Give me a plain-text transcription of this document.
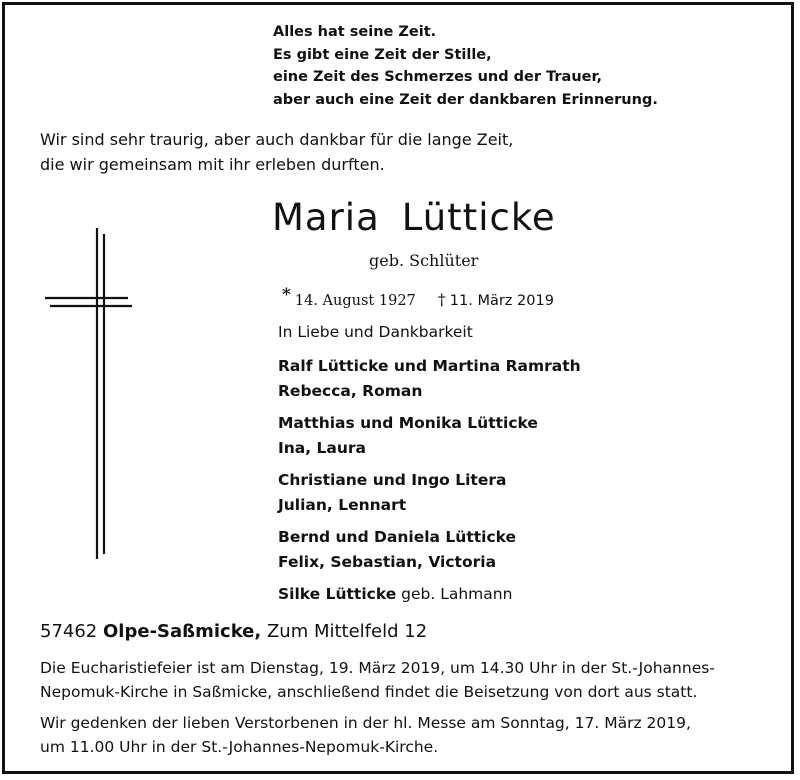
Alles hat seine Zeit.
Es gibt eine Zeit der Stille,
eine Zeit des Schmerzes und der Trauer,
aber auch eine Zeit der dankbaren Erinnerung.
Wir sind sehr traurig, aber auch dankbar für die lange Zeit,
die wir gemeinsam mit ihr erleben durften.
Maria Lütticke
geb. Schlüter
* 14. August 1927 † 11. März 2019
In Liebe und Dankbarkeit
Ralf Lütticke und Martina Ramrath
Rebecca, Roman
Matthias und Monika Lütticke
Ina, Laura
Christiane und Ingo Litera
Julian, Lennart
Bernd und Daniela Lütticke
Felix, Sebastian, Victoria
Silke Lütticke geb. Lahmann
57462 Olpe-Saßmicke, Zum Mittelfeld 12
Die Eucharistiefeier ist am Dienstag, 19. März 2019, um 14.30 Uhr in der St.-Johannes-
Nepomuk-Kirche in Saßmicke, anschließend findet die Beisetzung von dort aus statt.
Wir gedenken der lieben Verstorbenen in der hl. Messe am Sonntag, 17. März 2019,
um 11.00 Uhr in der St.-Johannes-Nepomuk-Kirche.
